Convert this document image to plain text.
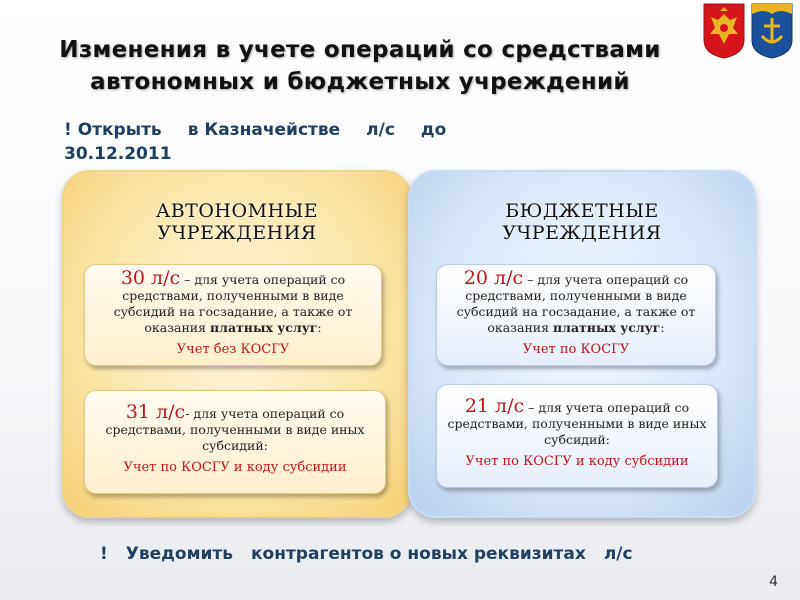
Изменения в учете операций со средствами
автономных и бюджетных учреждений
! Открыть в Казначействе л/с до
30.12.2011
АВТОНОМНЫЕ
УЧРЕЖДЕНИЯ
30 л/с – для учета операций со средствами, полученными в виде субсидий на госзадание, а также от оказания платных услуг:
Учет без КОСГУ
31 л/с- для учета операций со средствами, полученными в виде иных субсидий:
Учет по КОСГУ и коду субсидии
БЮДЖЕТНЫЕ
УЧРЕЖДЕНИЯ
20 л/с – для учета операций со средствами, полученными в виде субсидий на госзадание, а также от оказания платных услуг:
Учет по КОСГУ
21 л/с – для учета операций со средствами, полученными в виде иных субсидий:
Учет по КОСГУ и коду субсидии
! Уведомить контрагентов о новых реквизитах л/с
4
